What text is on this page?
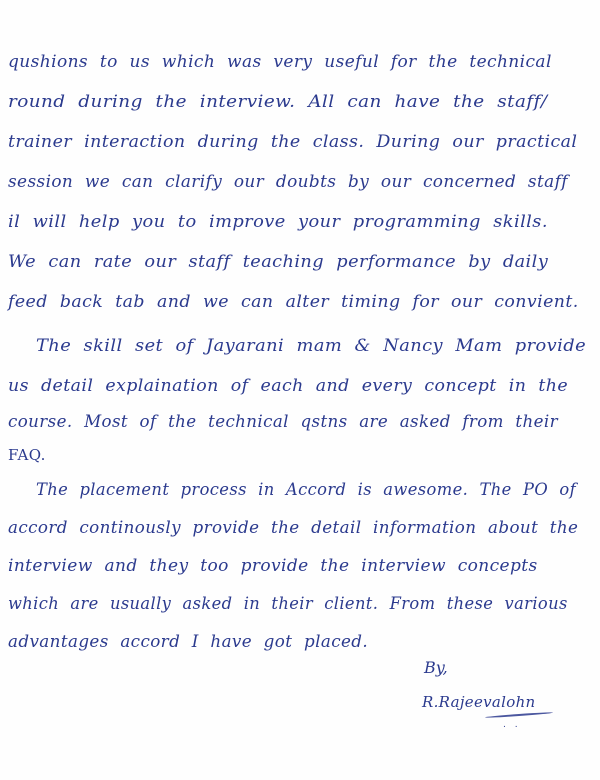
qushions to us which was very useful for the technical
round during the interview. All can have the staff/
trainer interaction during the class. During our practical
session we can clarify our doubts by our concerned staff
il will help you to improve your programming skills.
We can rate our staff teaching performance by daily
feed back tab and we can alter timing for our convient.
The skill set of Jayarani mam & Nancy Mam provide
us detail explaination of each and every concept in the
course. Most of the technical qstns are asked from their
FAQ.
The placement process in Accord is awesome. The PO of
accord continously provide the detail information about the
interview and they too provide the interview concepts
which are usually asked in their client. From these various
advantages accord I have got placed.
By,
R.Rajeevalohn
. .
